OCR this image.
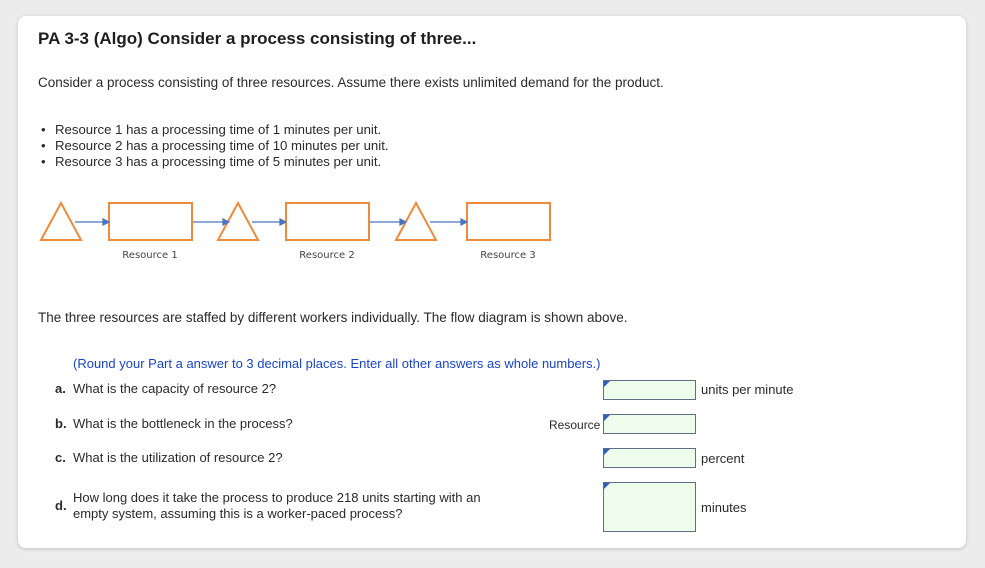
PA 3-3 (Algo) Consider a process consisting of three...
Consider a process consisting of three resources. Assume there exists unlimited demand for the product.
• Resource 1 has a processing time of 1 minutes per unit.
• Resource 2 has a processing time of 10 minutes per unit.
• Resource 3 has a processing time of 5 minutes per unit.
Resource 1	Resource 2	Resource 3
The three resources are staffed by different workers individually. The flow diagram is shown above.
(Round your Part a answer to 3 decimal places. Enter all other answers as whole numbers.)
a. What is the capacity of resource 2?	units per minute
b. What is the bottleneck in the process?	Resource
c. What is the utilization of resource 2?	percent
d.
How long does it take the process to produce 218 units starting with an
empty system, assuming this is a worker-paced process?	minutes
